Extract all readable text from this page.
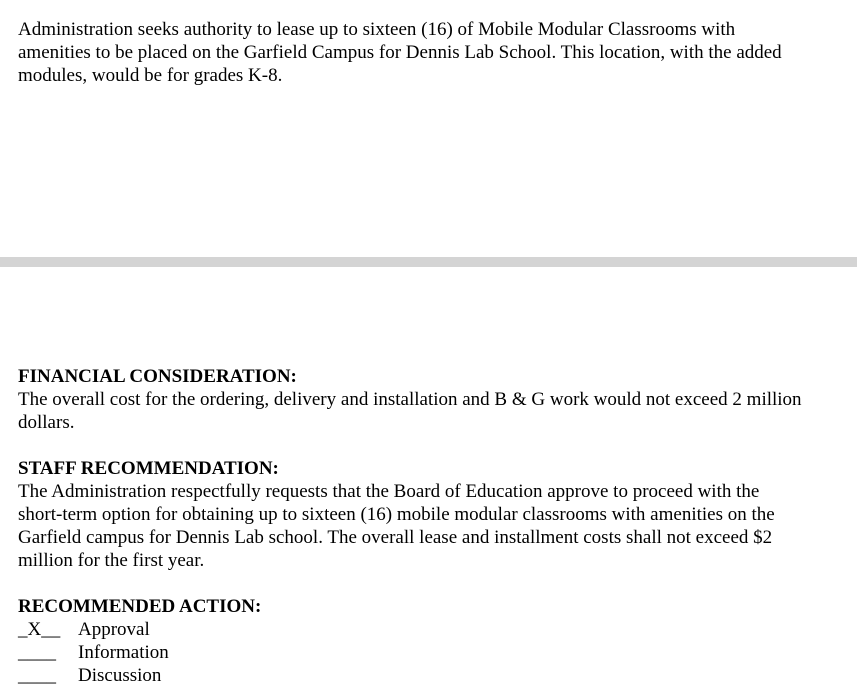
Administration seeks authority to lease up to sixteen (16) of Mobile Modular Classrooms with
amenities to be placed on the Garfield Campus for Dennis Lab School. This location, with the added
modules, would be for grades K-8.

FINANCIAL CONSIDERATION:

The overall cost for the ordering, delivery and installation and B & G work would not exceed 2 million
dollars.

STAFF RECOMMENDATION:

The Administration respectfully requests that the Board of Education approve to proceed with the
short-term option for obtaining up to sixteen (16) mobile modular classrooms with amenities on the
Garfield campus for Dennis Lab school. The overall lease and installment costs shall not exceed $2
million for the first year.

RECOMMENDED ACTION:

_X__ Approval
____	Information
____	Discussion
